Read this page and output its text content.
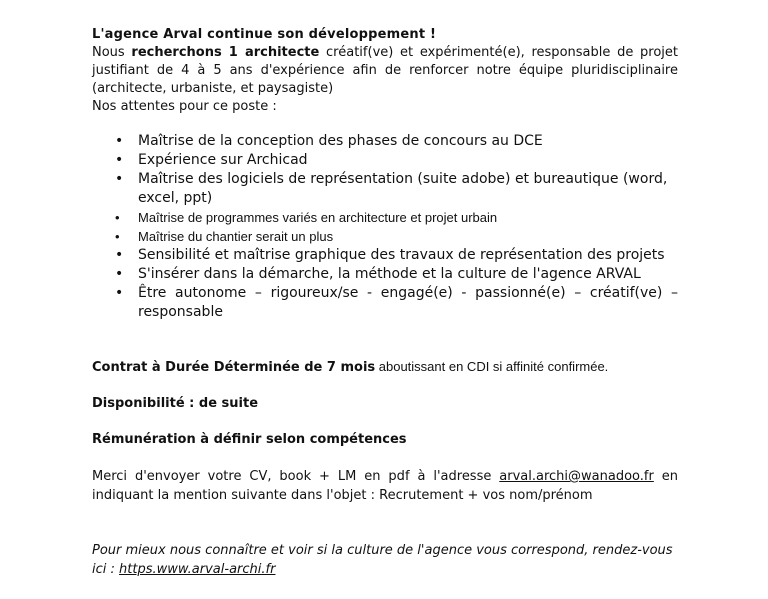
L'agence Arval continue son développement !

Nous recherchons 1 architecte créatif(ve) et expérimenté(e), responsable de projet justifiant de 4 à 5 ans d'expérience afin de renforcer notre équipe pluridisciplinaire (architecte, urbaniste, et paysagiste)

Nos attentes pour ce poste :

• Maîtrise de la conception des phases de concours au DCE
• Expérience sur Archicad
• Maîtrise des logiciels de représentation (suite adobe) et bureautique (word, excel, ppt)
• Maîtrise de programmes variés en architecture et projet urbain
• Maîtrise du chantier serait un plus
• Sensibilité et maîtrise graphique des travaux de représentation des projets
• S'insérer dans la démarche, la méthode et la culture de l'agence ARVAL
• Être autonome – rigoureux/se - engagé(e) - passionné(e) – créatif(ve) –
responsable

Contrat à Durée Déterminée de 7 mois aboutissant en CDI si affinité confirmée.

Disponibilité : de suite

Rémunération à définir selon compétences

Merci d'envoyer votre CV, book + LM en pdf à l'adresse arval.archi@wanadoo.fr en indiquant la mention suivante dans l'objet : Recrutement + vos nom/prénom

Pour mieux nous connaître et voir si la culture de l'agence vous correspond, rendez-vous ici : https.www.arval-archi.fr
